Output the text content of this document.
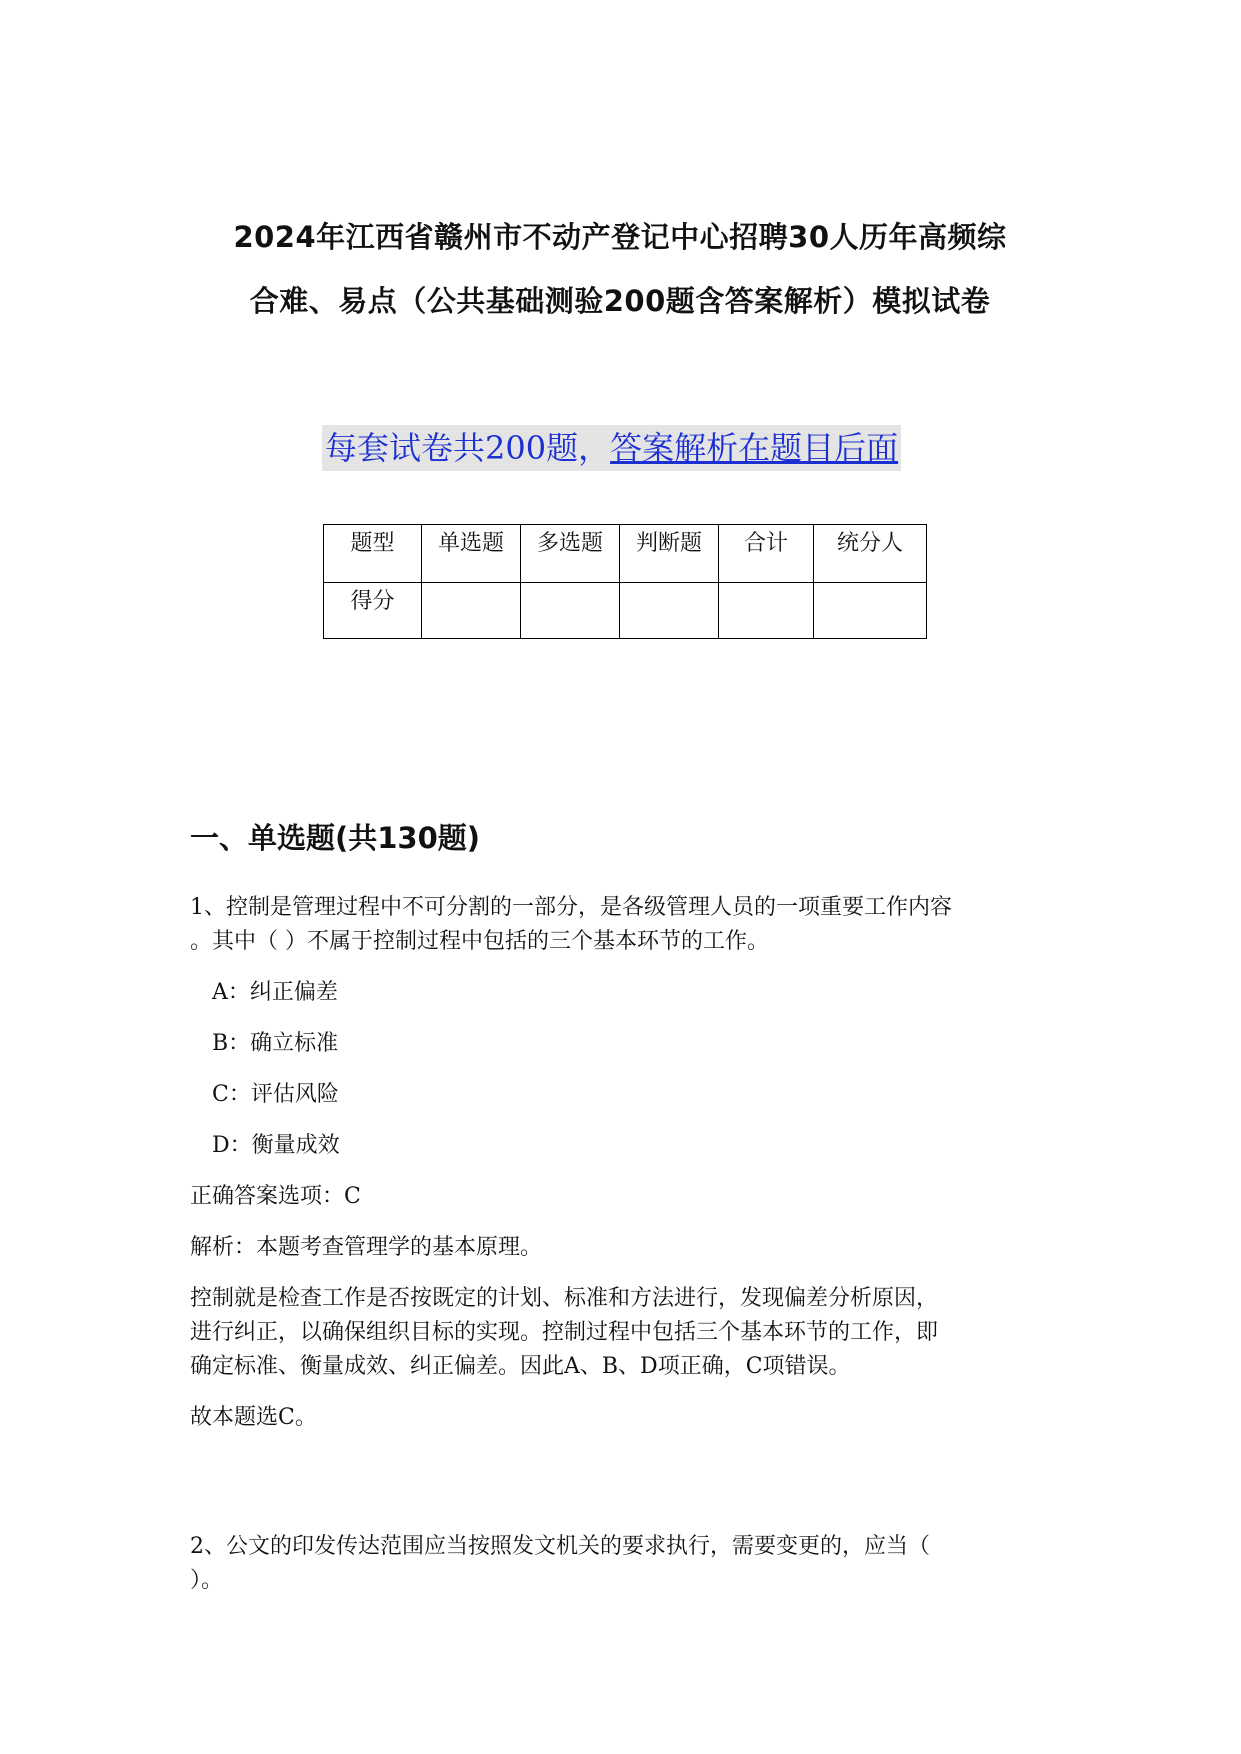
2024年江西省赣州市不动产登记中心招聘30人历年高频综
合难、易点（公共基础测验200题含答案解析）模拟试卷
每套试卷共200题，答案解析在题目后面
题型	单选题	多选题	判断题	合计	统分人
得分					
一、单选题(共130题)
1、控制是管理过程中不可分割的一部分，是各级管理人员的一项重要工作内容
。其中（ ）不属于控制过程中包括的三个基本环节的工作。
A：纠正偏差
B：确立标准
C：评估风险
D：衡量成效
正确答案选项：C
解析：本题考查管理学的基本原理。
控制就是检查工作是否按既定的计划、标准和方法进行，发现偏差分析原因，
进行纠正，以确保组织目标的实现。控制过程中包括三个基本环节的工作，即
确定标准、衡量成效、纠正偏差。因此A、B、D项正确，C项错误。
故本题选C。
2、公文的印发传达范围应当按照发文机关的要求执行，需要变更的，应当（
）。
